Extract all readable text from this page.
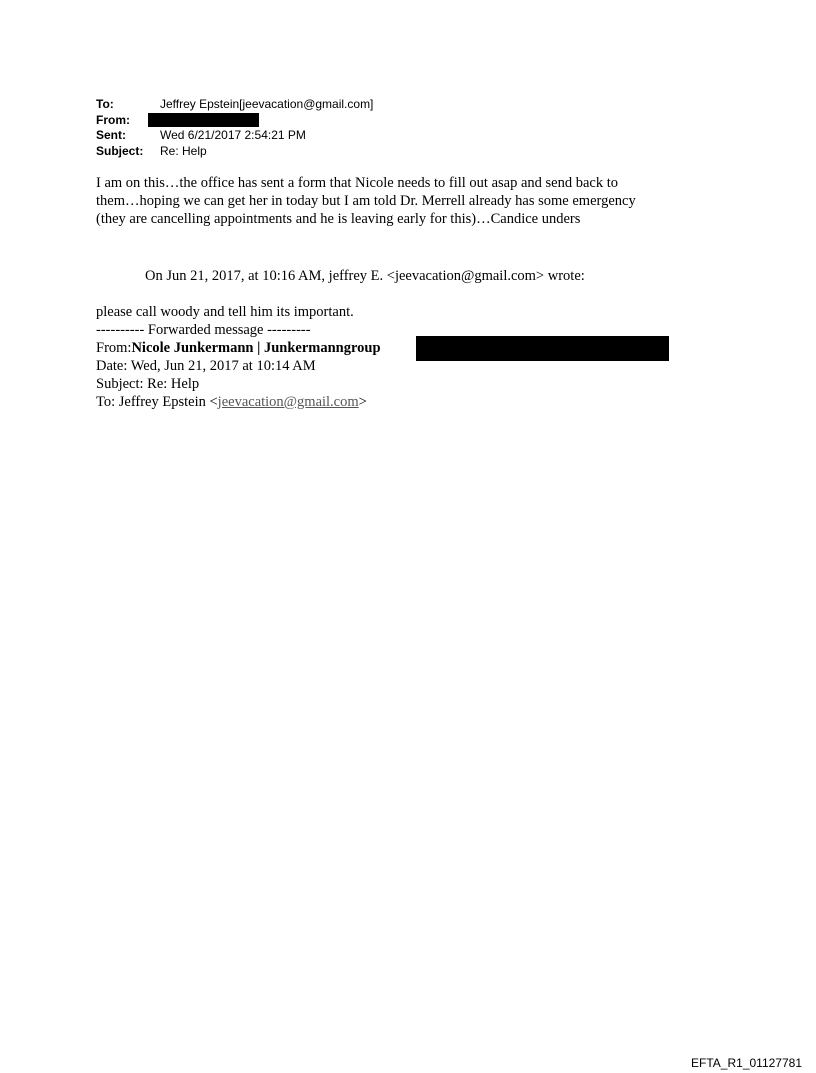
To:	Jeffrey Epstein[jeevacation@gmail.com]
From:
Sent:	Wed 6/21/2017 2:54:21 PM
Subject:	Re: Help
I am on this…the office has sent a form that Nicole needs to fill out asap and send back to
them…hoping we can get her in today but I am told Dr. Merrell already has some emergency
(they are cancelling appointments and he is leaving early for this)…Candice unders
On Jun 21, 2017, at 10:16 AM, jeffrey E. <jeevacation@gmail.com> wrote:
please call woody and tell him its important.
---------- Forwarded message ---------
From: Nicole Junkermann | Junkermanngroup
Date: Wed, Jun 21, 2017 at 10:14 AM
Subject: Re: Help
To: Jeffrey Epstein <jeevacation@gmail.com>
EFTA_R1_01127781
